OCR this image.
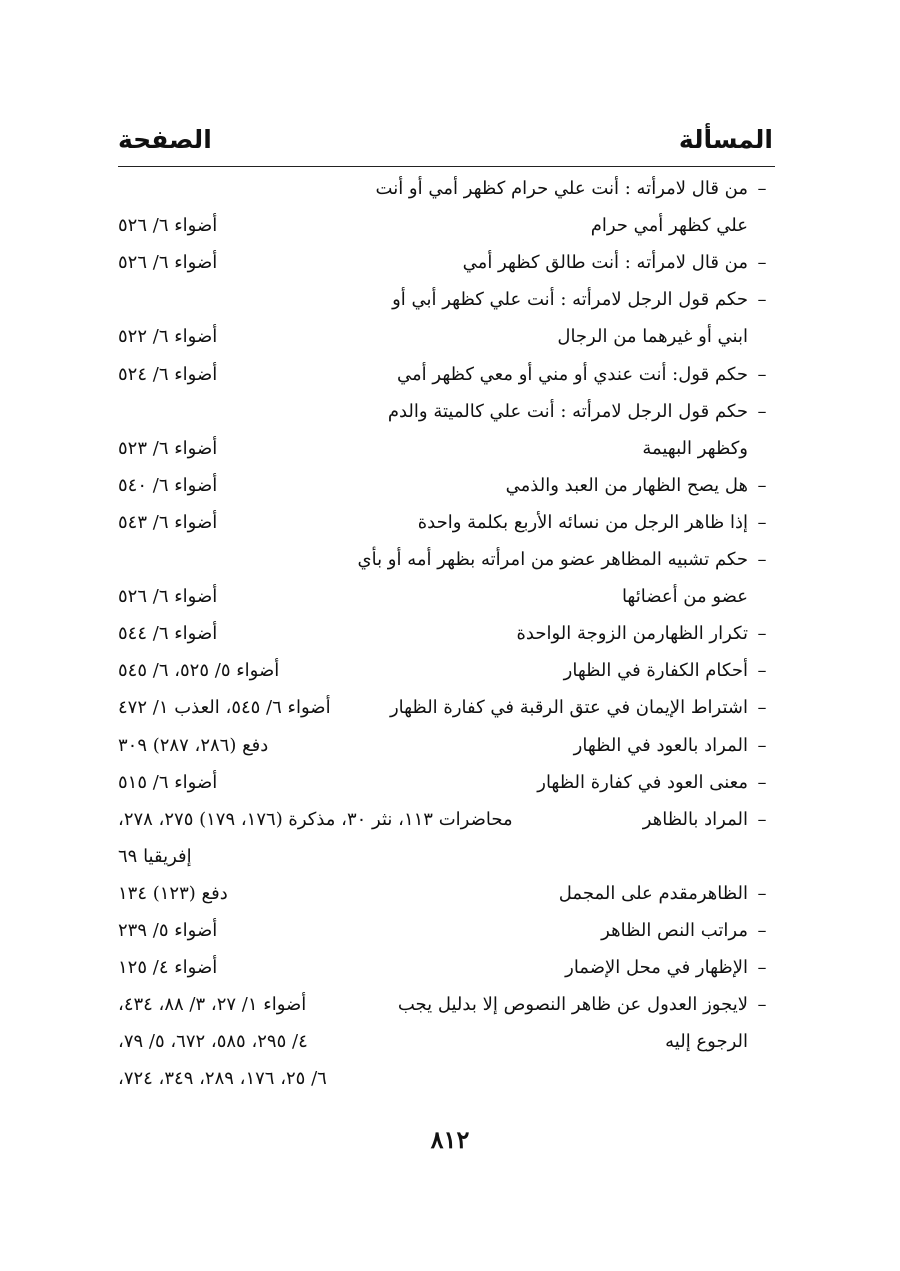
المسألة
الصفحة
–
من قال لامرأته : أنت علي حرام كظهر أمي أو أنت
علي كظهر أمي حرام
أضواء ٦/ ٥٢٦
–
من قال لامرأته : أنت طالق كظهر أمي
أضواء ٦/ ٥٢٦
–
حكم قول الرجل لامرأته : أنت علي كظهر أبي أو
ابني أو غيرهما من الرجال
أضواء ٦/ ٥٢٢
–
حكم قول: أنت عندي أو مني أو معي كظهر أمي
أضواء ٦/ ٥٢٤
–
حكم قول الرجل لامرأته : أنت علي كالميتة والدم
وكظهر البهيمة
أضواء ٦/ ٥٢٣
–
هل يصح الظهار من العبد والذمي
أضواء ٦/ ٥٤٠
–
إذا ظاهر الرجل من نسائه الأربع بكلمة واحدة
أضواء ٦/ ٥٤٣
–
حكم تشبيه المظاهر عضو من امرأته بظهر أمه أو بأي
عضو من أعضائها
أضواء ٦/ ٥٢٦
–
تكرار الظهارمن الزوجة الواحدة
أضواء ٦/ ٥٤٤
–
أحكام الكفارة في الظهار
أضواء ٥/ ٥٢٥، ٦/ ٥٤٥
–
اشتراط الإيمان في عتق الرقبة في كفارة الظهار
أضواء ٦/ ٥٤٥، العذب ١/ ٤٧٢
–
المراد بالعود في الظهار
دفع (٢٨٦، ٢٨٧) ٣٠٩
–
معنى العود في كفارة الظهار
أضواء ٦/ ٥١٥
–
المراد بالظاهر
محاضرات ١١٣، نثر ٣٠، مذكرة (١٧٦، ١٧٩) ٢٧٥، ٢٧٨،
إفريقيا ٦٩
–
الظاهرمقدم على المجمل
دفع (١٢٣) ١٣٤
–
مراتب النص الظاهر
أضواء ٥/ ٢٣٩
–
الإظهار في محل الإضمار
أضواء ٤/ ١٢٥
–
لايجوز العدول عن ظاهر النصوص إلا بدليل يجب
أضواء ١/ ٢٧، ٣/ ٨٨، ٤٣٤،
الرجوع إليه
٤/ ٢٩٥، ٥٨٥، ٦٧٢، ٥/ ٧٩،
٦/ ٢٥، ١٧٦، ٢٨٩، ٣٤٩، ٧٢٤،
٨١٢
